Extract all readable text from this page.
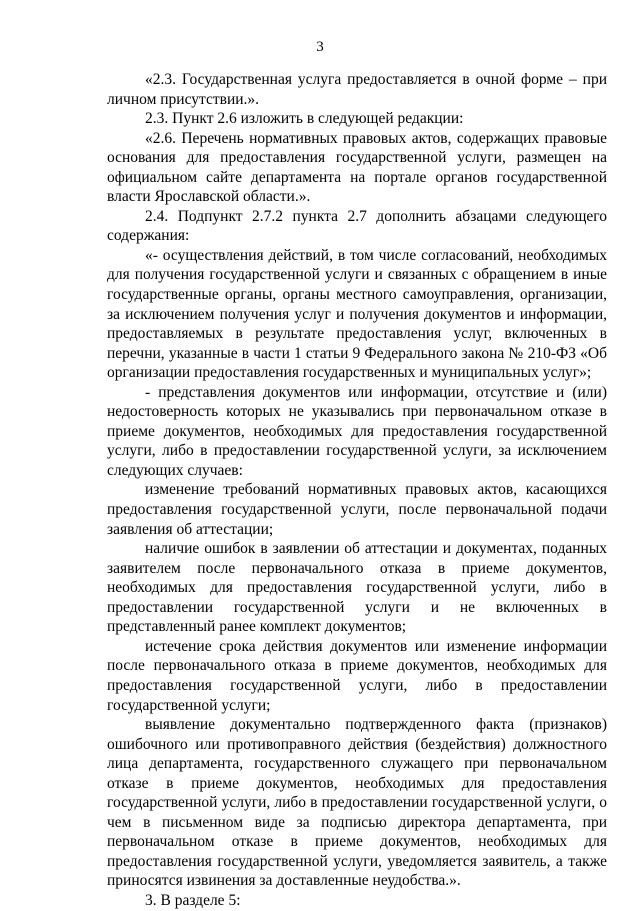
3

«2.3. Государственная услуга предоставляется в очной форме – при личном присутствии.».

2.3. Пункт 2.6 изложить в следующей редакции:

«2.6. Перечень нормативных правовых актов, содержащих правовые основания для предоставления государственной услуги, размещен на официальном сайте департамента на портале органов государственной власти Ярославской области.».

2.4. Подпункт 2.7.2 пункта 2.7 дополнить абзацами следующего содержания:

«- осуществления действий, в том числе согласований, необходимых для получения государственной услуги и связанных с обращением в иные государственные органы, органы местного самоуправления, организации, за исключением получения услуг и получения документов и информации, предоставляемых в результате предоставления услуг, включенных в перечни, указанные в части 1 статьи 9 Федерального закона № 210-ФЗ «Об организации предоставления государственных и муниципальных услуг»;

- представления документов или информации, отсутствие и (или) недостоверность которых не указывались при первоначальном отказе в приеме документов, необходимых для предоставления государственной услуги, либо в предоставлении государственной услуги, за исключением следующих случаев:

изменение требований нормативных правовых актов, касающихся предоставления государственной услуги, после первоначальной подачи заявления об аттестации;

наличие ошибок в заявлении об аттестации и документах, поданных заявителем после первоначального отказа в приеме документов, необходимых для предоставления государственной услуги, либо в предоставлении государственной услуги и не включенных в представленный ранее комплект документов;

истечение срока действия документов или изменение информации после первоначального отказа в приеме документов, необходимых для предоставления государственной услуги, либо в предоставлении государственной услуги;

выявление документально подтвержденного факта (признаков) ошибочного или противоправного действия (бездействия) должностного лица департамента, государственного служащего при первоначальном отказе в приеме документов, необходимых для предоставления государственной услуги, либо в предоставлении государственной услуги, о чем в письменном виде за подписью директора департамента, при первоначальном отказе в приеме документов, необходимых для предоставления государственной услуги, уведомляется заявитель, а также приносятся извинения за доставленные неудобства.».

3. В разделе 5:
